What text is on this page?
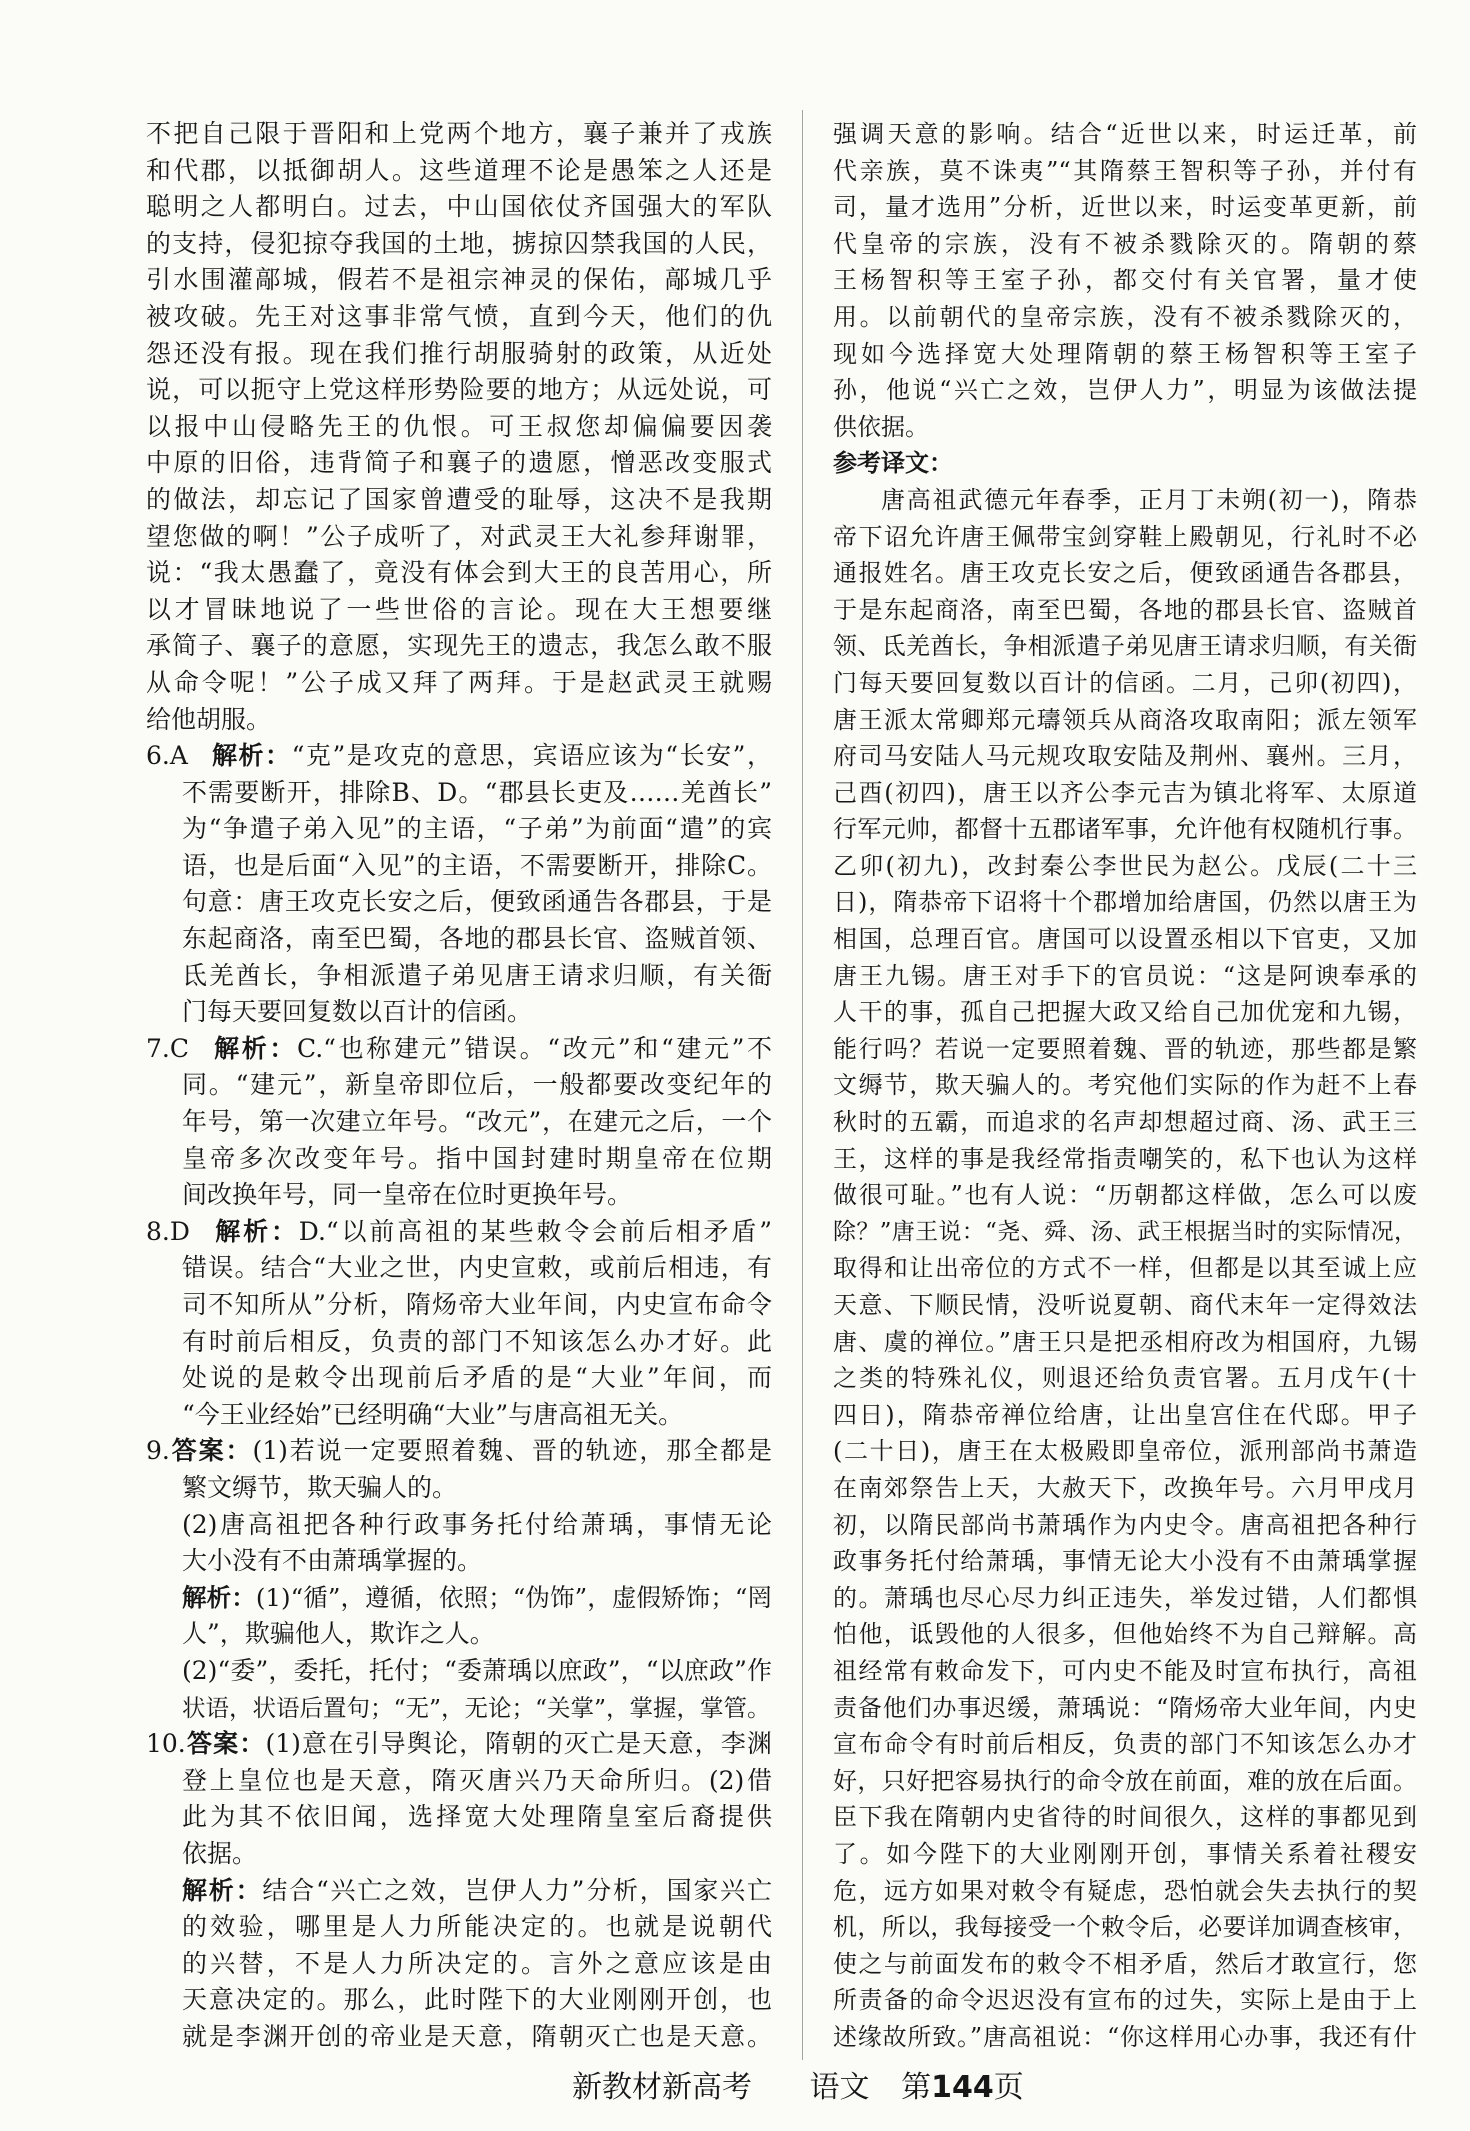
不把自己限于晋阳和上党两个地方，襄子兼并了戎族
和代郡，以抵御胡人。这些道理不论是愚笨之人还是
聪明之人都明白。过去，中山国依仗齐国强大的军队
的支持，侵犯掠夺我国的土地，掳掠囚禁我国的人民，
引水围灌鄗城，假若不是祖宗神灵的保佑，鄗城几乎
被攻破。先王对这事非常气愤，直到今天，他们的仇
怨还没有报。现在我们推行胡服骑射的政策，从近处
说，可以扼守上党这样形势险要的地方；从远处说，可
以报中山侵略先王的仇恨。可王叔您却偏偏要因袭
中原的旧俗，违背简子和襄子的遗愿，憎恶改变服式
的做法，却忘记了国家曾遭受的耻辱，这决不是我期
望您做的啊！”公子成听了，对武灵王大礼参拜谢罪，
说：“我太愚蠢了，竟没有体会到大王的良苦用心，所
以才冒昧地说了一些世俗的言论。现在大王想要继
承简子、襄子的意愿，实现先王的遗志，我怎么敢不服
从命令呢！”公子成又拜了两拜。于是赵武灵王就赐
给他胡服。
6.A 解析：“克”是攻克的意思，宾语应该为“长安”，
不需要断开，排除B、D。“郡县长吏及……羌酋长”
为“争遣子弟入见”的主语，“子弟”为前面“遣”的宾
语，也是后面“入见”的主语，不需要断开，排除C。
句意：唐王攻克长安之后，便致函通告各郡县，于是
东起商洛，南至巴蜀，各地的郡县长官、盗贼首领、
氐羌酋长，争相派遣子弟见唐王请求归顺，有关衙
门每天要回复数以百计的信函。
7.C 解析：C.“也称建元”错误。“改元”和“建元”不
同。“建元”，新皇帝即位后，一般都要改变纪年的
年号，第一次建立年号。“改元”，在建元之后，一个
皇帝多次改变年号。指中国封建时期皇帝在位期
间改换年号，同一皇帝在位时更换年号。
8.D 解析：D.“以前高祖的某些敕令会前后相矛盾”
错误。结合“大业之世，内史宣敕，或前后相违，有
司不知所从”分析，隋炀帝大业年间，内史宣布命令
有时前后相反，负责的部门不知该怎么办才好。此
处说的是敕令出现前后矛盾的是“大业”年间，而
“今王业经始”已经明确“大业”与唐高祖无关。
9.答案：(1)若说一定要照着魏、晋的轨迹，那全都是
繁文缛节，欺天骗人的。
(2)唐高祖把各种行政事务托付给萧瑀，事情无论
大小没有不由萧瑀掌握的。
解析：(1)“循”，遵循，依照；“伪饰”，虚假矫饰；“罔
人”，欺骗他人，欺诈之人。
(2)“委”，委托，托付；“委萧瑀以庶政”，“以庶政”作
状语，状语后置句；“无”，无论；“关掌”，掌握，掌管。
10.答案：(1)意在引导舆论，隋朝的灭亡是天意，李渊
登上皇位也是天意，隋灭唐兴乃天命所归。(2)借
此为其不依旧闻，选择宽大处理隋皇室后裔提供
依据。
解析：结合“兴亡之效，岂伊人力”分析，国家兴亡
的效验，哪里是人力所能决定的。也就是说朝代
的兴替，不是人力所决定的。言外之意应该是由
天意决定的。那么，此时陛下的大业刚刚开创，也
就是李渊开创的帝业是天意，隋朝灭亡也是天意。
强调天意的影响。结合“近世以来，时运迁革，前
代亲族，莫不诛夷”“其隋蔡王智积等子孙，并付有
司，量才选用”分析，近世以来，时运变革更新，前
代皇帝的宗族，没有不被杀戮除灭的。隋朝的蔡
王杨智积等王室子孙，都交付有关官署，量才使
用。以前朝代的皇帝宗族，没有不被杀戮除灭的，
现如今选择宽大处理隋朝的蔡王杨智积等王室子
孙，他说“兴亡之效，岂伊人力”，明显为该做法提
供依据。
参考译文：
唐高祖武德元年春季，正月丁未朔(初一)，隋恭
帝下诏允许唐王佩带宝剑穿鞋上殿朝见，行礼时不必
通报姓名。唐王攻克长安之后，便致函通告各郡县，
于是东起商洛，南至巴蜀，各地的郡县长官、盗贼首
领、氐羌酋长，争相派遣子弟见唐王请求归顺，有关衙
门每天要回复数以百计的信函。二月，己卯(初四)，
唐王派太常卿郑元璹领兵从商洛攻取南阳；派左领军
府司马安陆人马元规攻取安陆及荆州、襄州。三月，
己酉(初四)，唐王以齐公李元吉为镇北将军、太原道
行军元帅，都督十五郡诸军事，允许他有权随机行事。
乙卯(初九)，改封秦公李世民为赵公。戊辰(二十三
日)，隋恭帝下诏将十个郡增加给唐国，仍然以唐王为
相国，总理百官。唐国可以设置丞相以下官吏，又加
唐王九锡。唐王对手下的官员说：“这是阿谀奉承的
人干的事，孤自己把握大政又给自己加优宠和九锡，
能行吗？若说一定要照着魏、晋的轨迹，那些都是繁
文缛节，欺天骗人的。考究他们实际的作为赶不上春
秋时的五霸，而追求的名声却想超过商、汤、武王三
王，这样的事是我经常指责嘲笑的，私下也认为这样
做很可耻。”也有人说：“历朝都这样做，怎么可以废
除？”唐王说：“尧、舜、汤、武王根据当时的实际情况，
取得和让出帝位的方式不一样，但都是以其至诚上应
天意、下顺民情，没听说夏朝、商代末年一定得效法
唐、虞的禅位。”唐王只是把丞相府改为相国府，九锡
之类的特殊礼仪，则退还给负责官署。五月戊午(十
四日)，隋恭帝禅位给唐，让出皇宫住在代邸。甲子
(二十日)，唐王在太极殿即皇帝位，派刑部尚书萧造
在南郊祭告上天，大赦天下，改换年号。六月甲戌月
初，以隋民部尚书萧瑀作为内史令。唐高祖把各种行
政事务托付给萧瑀，事情无论大小没有不由萧瑀掌握
的。萧瑀也尽心尽力纠正违失，举发过错，人们都惧
怕他，诋毁他的人很多，但他始终不为自己辩解。高
祖经常有敕命发下，可内史不能及时宣布执行，高祖
责备他们办事迟缓，萧瑀说：“隋炀帝大业年间，内史
宣布命令有时前后相反，负责的部门不知该怎么办才
好，只好把容易执行的命令放在前面，难的放在后面。
臣下我在隋朝内史省待的时间很久，这样的事都见到
了。如今陛下的大业刚刚开创，事情关系着社稷安
危，远方如果对敕令有疑虑，恐怕就会失去执行的契
机，所以，我每接受一个敕令后，必要详加调查核审，
使之与前面发布的敕令不相矛盾，然后才敢宣行，您
所责备的命令迟迟没有宣布的过失，实际上是由于上
述缘故所致。”唐高祖说：“你这样用心办事，我还有什
新教材新高考 语文 第144页
